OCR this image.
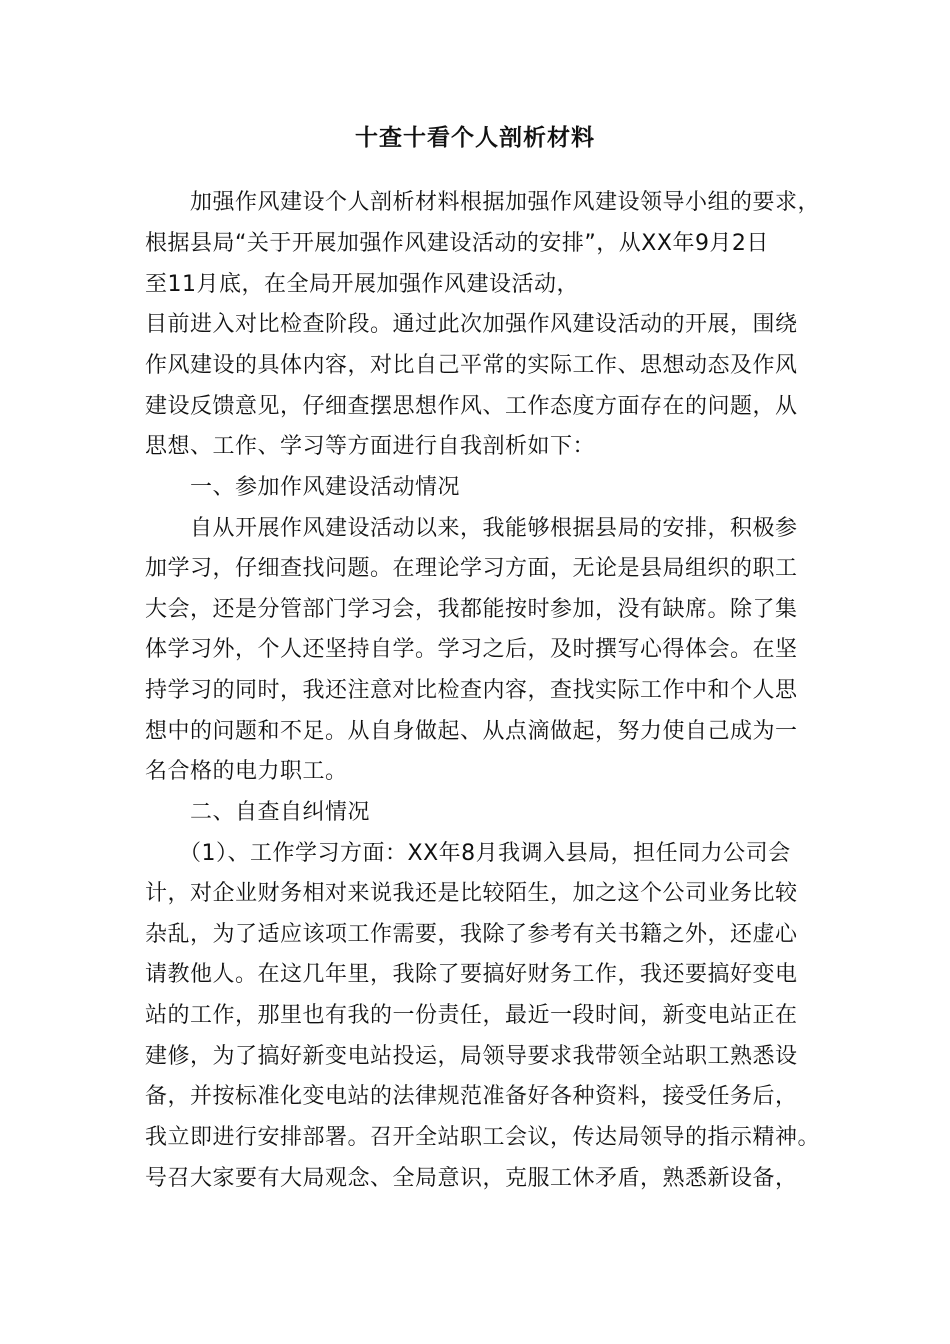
十查十看个人剖析材料
　　加强作风建设个人剖析材料根据加强作风建设领导小组的要求，
根据县局“关于开展加强作风建设活动的安排”，从XX年9月2日
至11月底，在全局开展加强作风建设活动，
目前进入对比检查阶段。通过此次加强作风建设活动的开展，围绕
作风建设的具体内容，对比自己平常的实际工作、思想动态及作风
建设反馈意见，仔细查摆思想作风、工作态度方面存在的问题，从
思想、工作、学习等方面进行自我剖析如下：
　　一、参加作风建设活动情况
　　自从开展作风建设活动以来，我能够根据县局的安排，积极参
加学习，仔细查找问题。在理论学习方面，无论是县局组织的职工
大会，还是分管部门学习会，我都能按时参加，没有缺席。除了集
体学习外，个人还坚持自学。学习之后，及时撰写心得体会。在坚
持学习的同时，我还注意对比检查内容，查找实际工作中和个人思
想中的问题和不足。从自身做起、从点滴做起，努力使自己成为一
名合格的电力职工。
　　二、自查自纠情况
　　（1）、工作学习方面：XX年8月我调入县局，担任同力公司会
计，对企业财务相对来说我还是比较陌生，加之这个公司业务比较
杂乱，为了适应该项工作需要，我除了参考有关书籍之外，还虚心
请教他人。在这几年里，我除了要搞好财务工作，我还要搞好变电
站的工作，那里也有我的一份责任，最近一段时间，新变电站正在
建修，为了搞好新变电站投运，局领导要求我带领全站职工熟悉设
备，并按标准化变电站的法律规范准备好各种资料，接受任务后，
我立即进行安排部署。召开全站职工会议，传达局领导的指示精神。
号召大家要有大局观念、全局意识，克服工休矛盾，熟悉新设备，
